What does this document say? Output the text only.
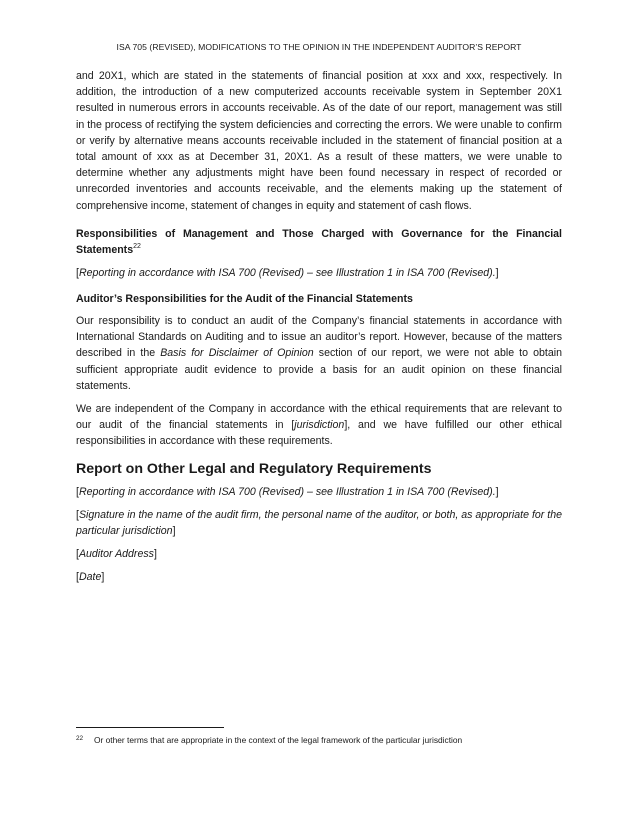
ISA 705 (REVISED), MODIFICATIONS TO THE OPINION IN THE INDEPENDENT AUDITOR’S REPORT

and 20X1, which are stated in the statements of financial position at xxx and xxx, respectively. In addition, the introduction of a new computerized accounts receivable system in September 20X1 resulted in numerous errors in accounts receivable. As of the date of our report, management was still in the process of rectifying the system deficiencies and correcting the errors. We were unable to confirm or verify by alternative means accounts receivable included in the statement of financial position at a total amount of xxx as at December 31, 20X1. As a result of these matters, we were unable to determine whether any adjustments might have been found necessary in respect of recorded or unrecorded inventories and accounts receivable, and the elements making up the statement of comprehensive income, statement of changes in equity and statement of cash flows.

Responsibilities of Management and Those Charged with Governance for the Financial Statements$^{22}$

[Reporting in accordance with ISA 700 (Revised) – see Illustration 1 in ISA 700 (Revised).]

Auditor’s Responsibilities for the Audit of the Financial Statements

Our responsibility is to conduct an audit of the Company’s financial statements in accordance with International Standards on Auditing and to issue an auditor’s report. However, because of the matters described in the Basis for Disclaimer of Opinion section of our report, we were not able to obtain sufficient appropriate audit evidence to provide a basis for an audit opinion on these financial statements.

We are independent of the Company in accordance with the ethical requirements that are relevant to our audit of the financial statements in [jurisdiction], and we have fulfilled our other ethical responsibilities in accordance with these requirements.

Report on Other Legal and Regulatory Requirements

[Reporting in accordance with ISA 700 (Revised) – see Illustration 1 in ISA 700 (Revised).]

[Signature in the name of the audit firm, the personal name of the auditor, or both, as appropriate for the particular jurisdiction]

[Auditor Address]

[Date]

22 Or other terms that are appropriate in the context of the legal framework of the particular jurisdiction
